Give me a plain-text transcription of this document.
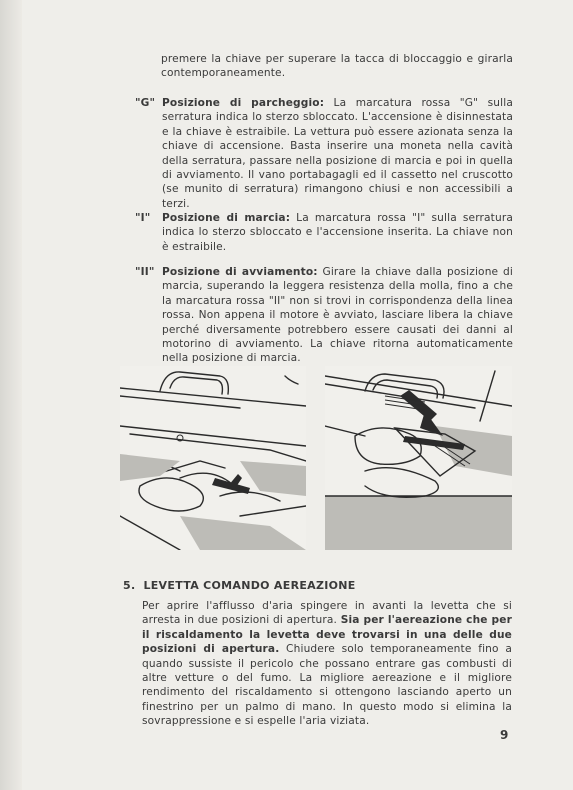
premere la chiave per superare la tacca di bloccaggio e girarla contemporaneamente.

"G" Posizione di parcheggio: La marcatura rossa "G" sulla serratura indica lo sterzo sbloccato. L'accensione è disinnestata e la chiave è estraibile. La vettura può essere azionata senza la chiave di accensione. Basta inserire una moneta nella cavità della serratura, passare nella posizione di marcia e poi in quella di avviamento. Il vano portabagagli ed il cassetto nel cruscotto (se munito di serratura) rimangono chiusi e non accessibili a terzi.
"I" Posizione di marcia: La marcatura rossa "I" sulla serratura indica lo sterzo sbloccato e l'accensione inserita. La chiave non è estraibile.
"II" Posizione di avviamento: Girare la chiave dalla posizione di marcia, superando la leggera resistenza della molla, fino a che la marcatura rossa "II" non si trovi in corrispondenza della linea rossa. Non appena il motore è avviato, lasciare libera la chiave perché diversamente potrebbero essere causati dei danni al motorino di avviamento. La chiave ritorna automaticamente nella posizione di marcia.
5. LEVETTA COMANDO AEREAZIONE

Per aprire l'afflusso d'aria spingere in avanti la levetta che si arresta in due posizioni di apertura. Sia per l'aereazione che per il riscaldamento la levetta deve trovarsi in una delle due posizioni di apertura. Chiudere solo temporaneamente fino a quando sussiste il pericolo che possano entrare gas combusti di altre vetture o del fumo. La migliore aereazione e il migliore rendimento del riscaldamento si ottengono lasciando aperto un finestrino per un palmo di mano. In questo modo si elimina la sovrappressione e si espelle l'aria viziata.

9
